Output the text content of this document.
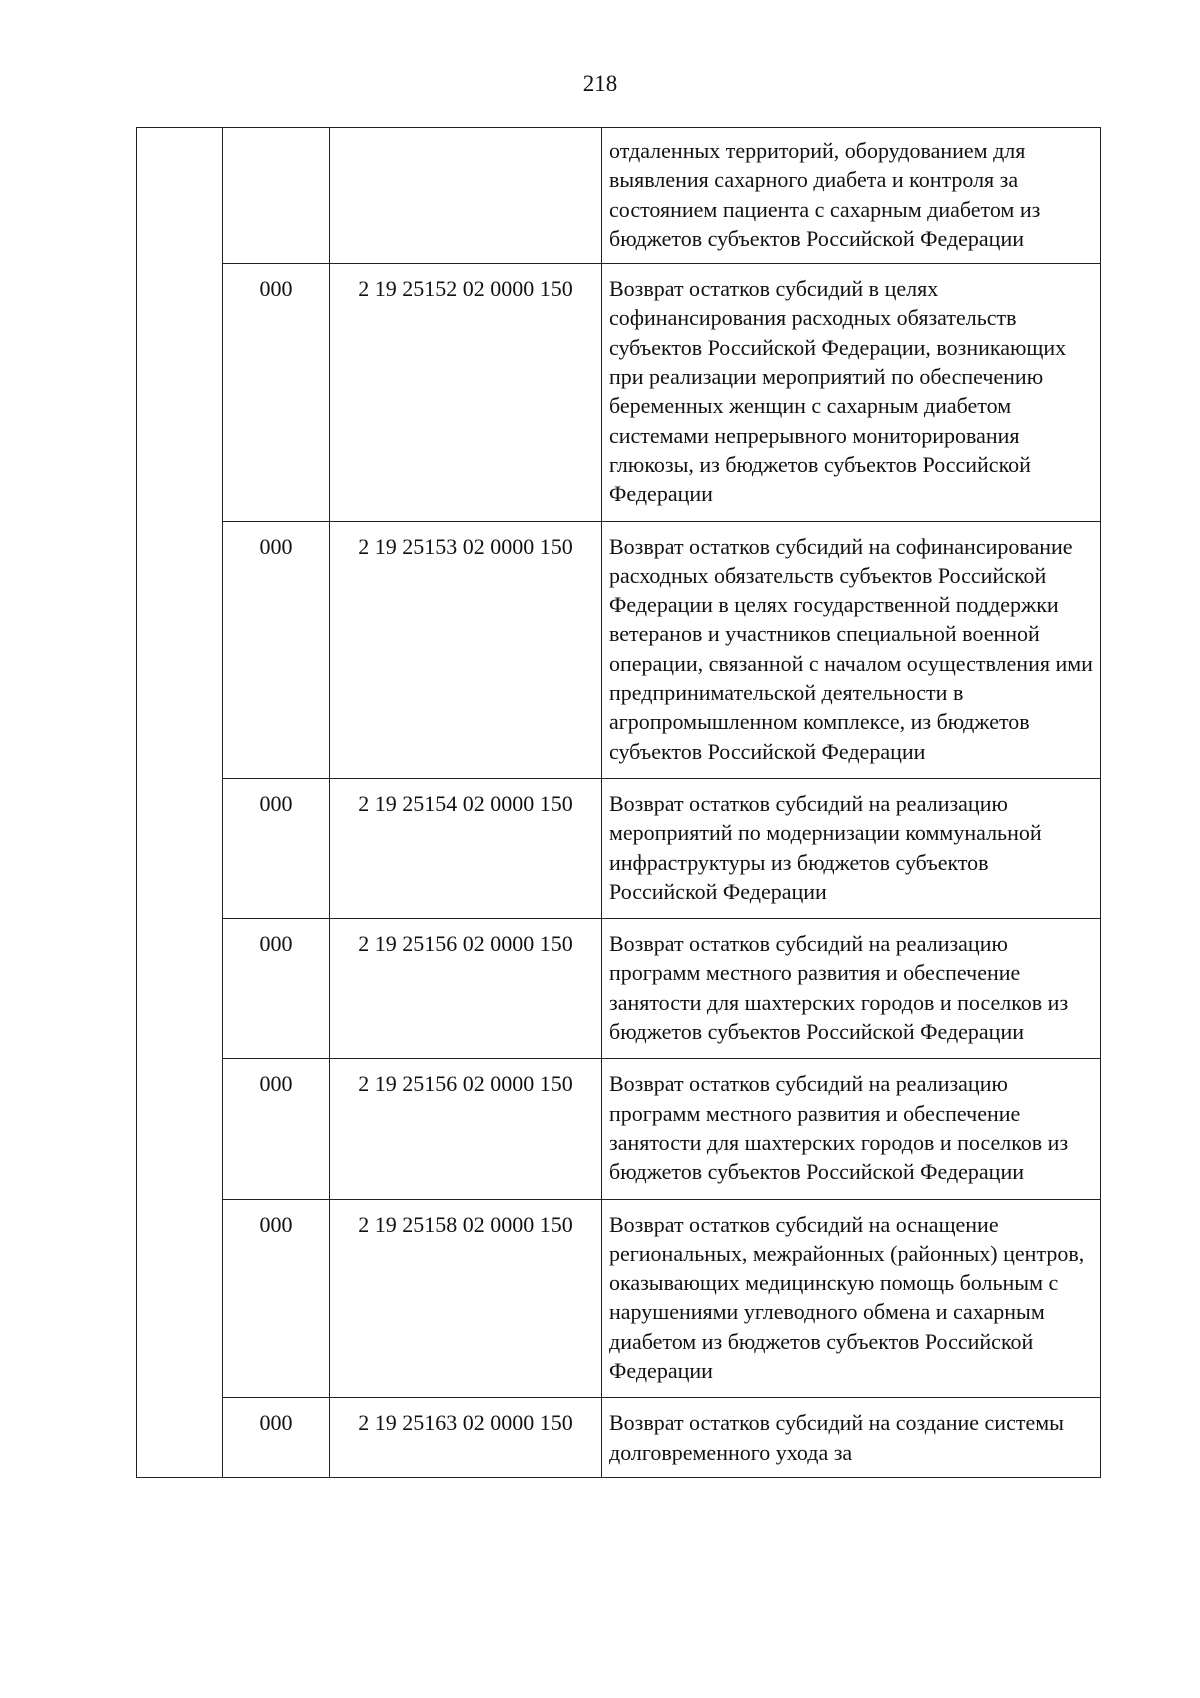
218
			отдаленных территорий, оборудованием для выявления сахарного диабета и контроля за состоянием пациента с сахарным диабетом из бюджетов субъектов Российской Федерации
	000	2 19 25152 02 0000 150	Возврат остатков субсидий в целях софинансирования расходных обязательств субъектов Российской Федерации, возникающих при реализации мероприятий по обеспечению беременных женщин с сахарным диабетом системами непрерывного мониторирования глюкозы, из бюджетов субъектов Российской Федерации
	000	2 19 25153 02 0000 150	Возврат остатков субсидий на софинансирование расходных обязательств субъектов Российской Федерации в целях государственной поддержки ветеранов и участников специальной военной операции, связанной с началом осуществления ими предпринимательской деятельности в агропромышленном комплексе, из бюджетов субъектов Российской Федерации
	000	2 19 25154 02 0000 150	Возврат остатков субсидий на реализацию мероприятий по модернизации коммунальной инфраструктуры из бюджетов субъектов Российской Федерации
	000	2 19 25156 02 0000 150	Возврат остатков субсидий на реализацию программ местного развития и обеспечение занятости для шахтерских городов и поселков из бюджетов субъектов Российской Федерации
	000	2 19 25156 02 0000 150	Возврат остатков субсидий на реализацию программ местного развития и обеспечение занятости для шахтерских городов и поселков из бюджетов субъектов Российской Федерации
	000	2 19 25158 02 0000 150	Возврат остатков субсидий на оснащение региональных, межрайонных (районных) центров, оказывающих медицинскую помощь больным с нарушениями углеводного обмена и сахарным диабетом из бюджетов субъектов Российской Федерации
	000	2 19 25163 02 0000 150	Возврат остатков субсидий на создание системы долговременного ухода за
